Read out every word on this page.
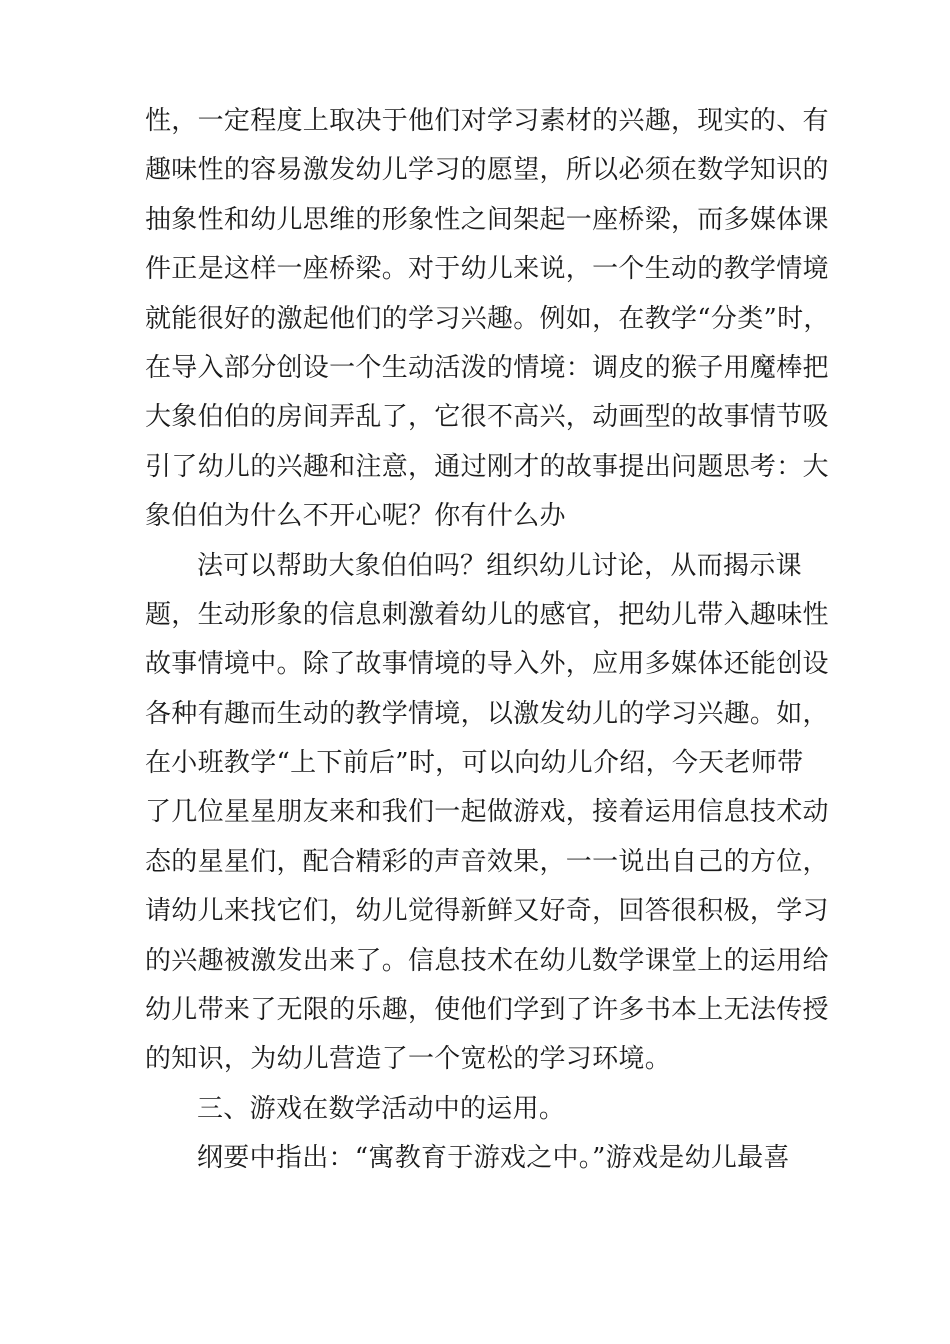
性，一定程度上取决于他们对学习素材的兴趣，现实的、有
趣味性的容易激发幼儿学习的愿望，所以必须在数学知识的
抽象性和幼儿思维的形象性之间架起一座桥梁，而多媒体课
件正是这样一座桥梁。对于幼儿来说，一个生动的教学情境
就能很好的激起他们的学习兴趣。例如，在教学“分类”时，
在导入部分创设一个生动活泼的情境：调皮的猴子用魔棒把
大象伯伯的房间弄乱了，它很不高兴，动画型的故事情节吸
引了幼儿的兴趣和注意，通过刚才的故事提出问题思考：大
象伯伯为什么不开心呢？你有什么办
法可以帮助大象伯伯吗？组织幼儿讨论，从而揭示课
题，生动形象的信息刺激着幼儿的感官，把幼儿带入趣味性
故事情境中。除了故事情境的导入外，应用多媒体还能创设
各种有趣而生动的教学情境，以激发幼儿的学习兴趣。如，
在小班教学“上下前后”时，可以向幼儿介绍，今天老师带
了几位星星朋友来和我们一起做游戏，接着运用信息技术动
态的星星们，配合精彩的声音效果，一一说出自己的方位，
请幼儿来找它们，幼儿觉得新鲜又好奇，回答很积极，学习
的兴趣被激发出来了。信息技术在幼儿数学课堂上的运用给
幼儿带来了无限的乐趣，使他们学到了许多书本上无法传授
的知识，为幼儿营造了一个宽松的学习环境。
三、游戏在数学活动中的运用。
纲要中指出：“寓教育于游戏之中。”游戏是幼儿最喜
